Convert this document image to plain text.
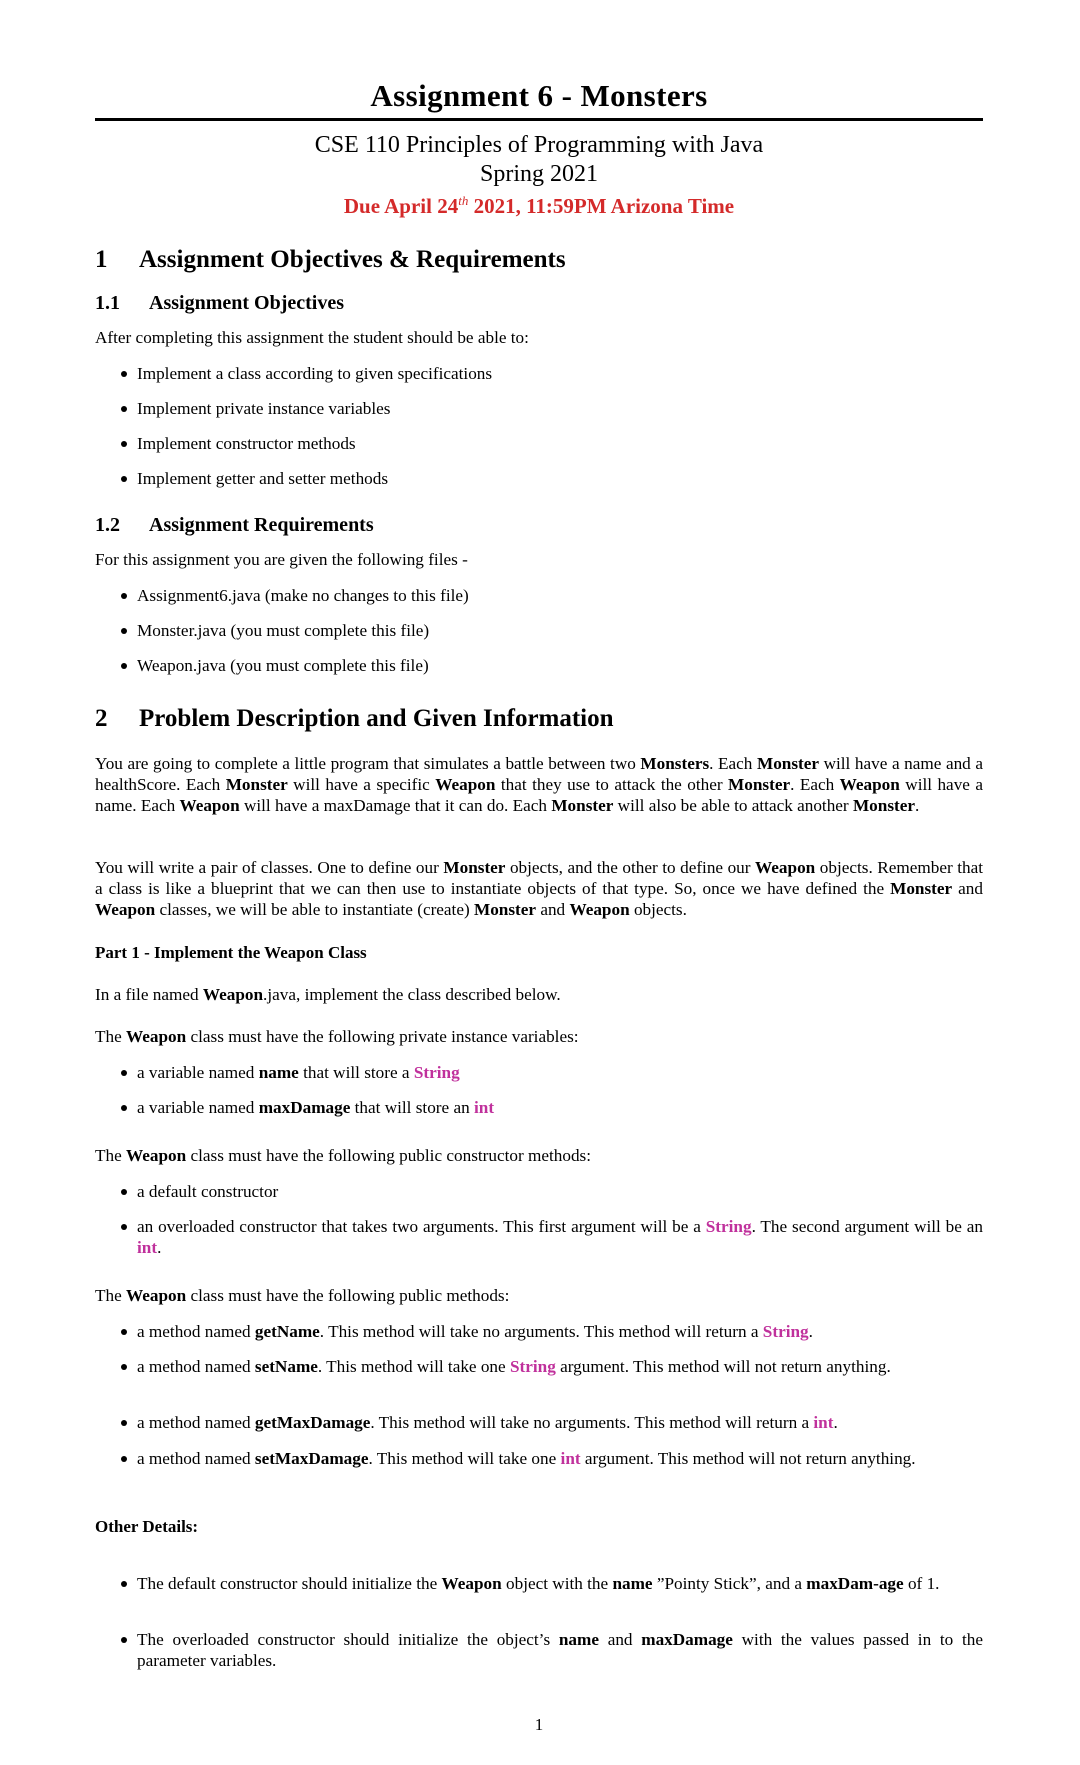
Assignment 6 - Monsters
CSE 110 Principles of Programming with Java
Spring 2021
Due April 24th 2021, 11:59PM Arizona Time
1 Assignment Objectives & Requirements
1.1 Assignment Objectives
After completing this assignment the student should be able to:
Implement a class according to given specifications
Implement private instance variables
Implement constructor methods
Implement getter and setter methods
1.2 Assignment Requirements
For this assignment you are given the following files -
Assignment6.java (make no changes to this file)
Monster.java (you must complete this file)
Weapon.java (you must complete this file)
2 Problem Description and Given Information
You are going to complete a little program that simulates a battle between two Monsters. Each Monster will have a name and a healthScore. Each Monster will have a specific Weapon that they use to attack the other Monster. Each Weapon will have a name. Each Weapon will have a maxDamage that it can do. Each Monster will also be able to attack another Monster.
You will write a pair of classes. One to define our Monster objects, and the other to define our Weapon objects. Remember that a class is like a blueprint that we can then use to instantiate objects of that type. So, once we have defined the Monster and Weapon classes, we will be able to instantiate (create) Monster and Weapon objects.
Part 1 - Implement the Weapon Class
In a file named Weapon.java, implement the class described below.
The Weapon class must have the following private instance variables:
a variable named name that will store a String
a variable named maxDamage that will store an int
The Weapon class must have the following public constructor methods:
a default constructor
an overloaded constructor that takes two arguments. This first argument will be a String. The second argument will be an int.
The Weapon class must have the following public methods:
a method named getName. This method will take no arguments. This method will return a String.
a method named setName. This method will take one String argument. This method will not return anything.
a method named getMaxDamage. This method will take no arguments. This method will return a int.
a method named setMaxDamage. This method will take one int argument. This method will not return anything.
Other Details:
The default constructor should initialize the Weapon object with the name ”Pointy Stick”, and a maxDam-age of 1.
The overloaded constructor should initialize the object’s name and maxDamage with the values passed in to the parameter variables.
1
